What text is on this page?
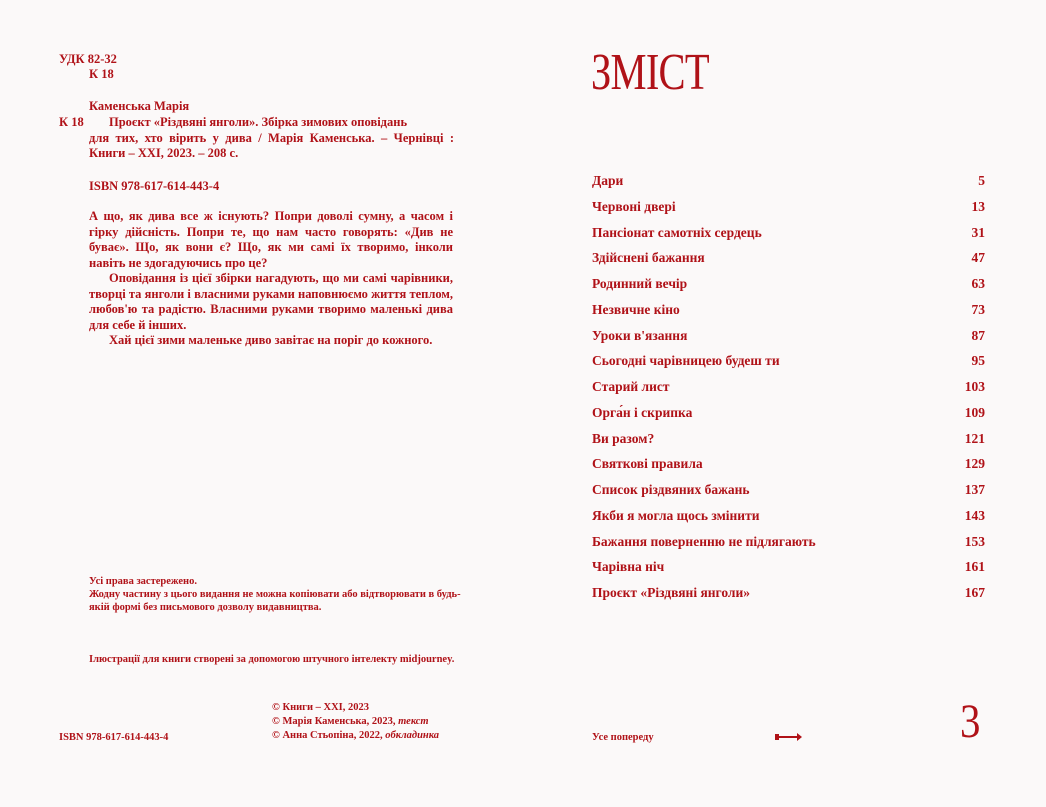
УДК 82-32
К 18
Каменська Марія
К 18	Проєкт «Різдвяні янголи». Збірка зимових оповідань
для тих, хто вірить у дива / Марія Каменська. – Чернівці : Книги – XXI, 2023. – 208 с.
ISBN 978-617-614-443-4

А що, як дива все ж існують? Попри доволі сумну, а часом і гірку дійсність. Попри те, що нам часто говорять: «Див не буває». Що, як вони є? Що, як ми самі їх творимо, інколи навіть не здогадуючись про це?

Оповідання із цієї збірки нагадують, що ми самі чарівники, творці та янголи і власними руками наповнюємо життя теплом, любов'ю та радістю. Власними руками творимо маленькі дива для себе й інших.

Хай цієї зими маленьке диво завітає на поріг до кожного.

Усі права застережено.

Жодну частину з цього видання не можна копіювати або відтворювати в будь-якій формі без письмового дозволу видавництва.

Ілюстрації для книги створені за допомогою штучного інтелекту midjourney.
ISBN 978-617-614-443-4
© Книги – XXI, 2023
© Марія Каменська, 2023, текст
© Анна Стьопіна, 2022, обкладинка
ЗМІСТ
Дари	5
Червоні двері	13
Пансіонат самотніх сердець	31
Здійснені бажання	47
Родинний вечір	63
Незвичне кіно	73
Уроки в'язання	87
Сьогодні чарівницею будеш ти	95
Старий лист	103
Орга́н і скрипка	109
Ви разом?	121
Святкові правила	129
Список різдвяних бажань	137
Якби я могла щось змінити	143
Бажання поверненню не підлягають	153
Чарівна ніч	161
Проєкт «Різдвяні янголи»	167
Усе попереду	3
